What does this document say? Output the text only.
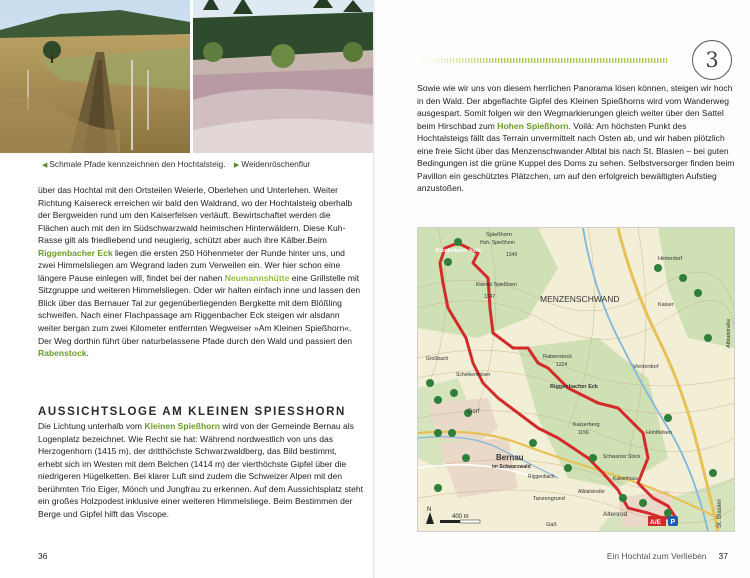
◀ Schmale Pfade kennzeichnen den Hochtalsteig. ▶ Weidenröschenflur

über das Hochtal mit den Ortsteilen Weierle, Oberlehen und Unterlehen. Weiter Richtung Kaisereck erreichen wir bald den Waldrand, wo der Hochtalsteig oberhalb der Bergweiden rund um den Kaiserfelsen verläuft. Bewirtschaftet werden die Flächen auch mit den im Südschwarzwald heimischen Hinterwäldern. Diese Kuh-Rasse gilt als friedliebend und neugierig, schützt aber auch ihre Kälber.Beim Riggenbacher Eck liegen die ersten 250 Höhenmeter der Runde hinter uns, und zwei Himmelsliegen am Wegrand laden zum Verweilen ein. Wer hier schon eine längere Pause einlegen will, findet bei der nahen Neumannshütte eine Grillstelle mit Sitzgruppe und weiteren Himmelsliegen. Oder wir halten einfach inne und lassen den Blick über das Bernauer Tal zur gegenüberliegenden Bergkette mit dem Blößling schweifen. Nach einer Flachpassage am Riggenbacher Eck steigen wir alsdann weiter bergan zum zwei Kilometer entfernten Wegweiser »Am Kleinen Spießhorn«. Der Weg dorthin führt über naturbelassene Pfade durch den Wald und passiert den Rabenstock.

AUSSICHTSLOGE AM KLEINEN SPIESSHORN

Die Lichtung unterhalb vom Kleinen Spießhorn wird von der Gemeinde Bernau als Logenplatz bezeichnet. Wie Recht sie hat: Während nordwestlich von uns das Herzogenhorn (1415 m), der dritthöchste Schwarzwaldberg, das Bild bestimmt, erhebt sich im Westen mit dem Belchen (1414 m) der vierthöchste Gipfel über die niedrigeren Hügelketten. Bei klarer Luft sind zudem die Schweizer Alpen mit den berühmten Trio Eiger, Mönch und Jungfrau zu erkennen. Auf dem Aussichtsplatz steht ein großes Holzpodest inklusive einer weiteren Himmelsliege. Beim Bestimmen der Berge und Gipfel hilft das Viscope.

36
3

Sowie wie wir uns von diesem herrlichen Panorama lösen können, steigen wir hoch in den Wald. Der abgeflachte Gipfel des Kleinen Spießhorns wird vom Wanderweg ausgespart. Somit folgen wir den Wegmarkierungen gleich weiter über den Sattel beim Hirschbad zum Hohen Spießhorn. Voilà: Am höchsten Punkt des Hochtalsteigs fällt das Terrain unvermittelt nach Osten ab, und wir haben plötzlich eine freie Sicht über das Menzenschwander Albtal bis nach St. Blasien – bei guten Bedingungen ist die grüne Kuppel des Doms zu sehen. Selbstversorger finden beim Pavillon ein geschütztes Plätzchen, um auf den erfolgreich bewältigten Aufstieg anzustoßen.

A/E P
Spießhorn
Hoh. Spießhorn
1349
Krunkelbach- hütte
Kleines Spießhorn
1347	MENZENSCHWAND
Hinterdorf
Kaiser
Rabenstock
1224
Riggenbacher Eck
Vorderdorf
Scheibenfelsen
Großbach
Dorf
Bernau
im Schwarzwald
Kaiserberg
1156	Hohlfelsen
Schwarzer Stock
Kaiserhaus
Albtalstraße
Riggenbach
Tanzengrund
Gaß
Altenrod	St. Blasien
Albtalstraße
N
400 m
Ein Hochtal zum Verlieben 37
